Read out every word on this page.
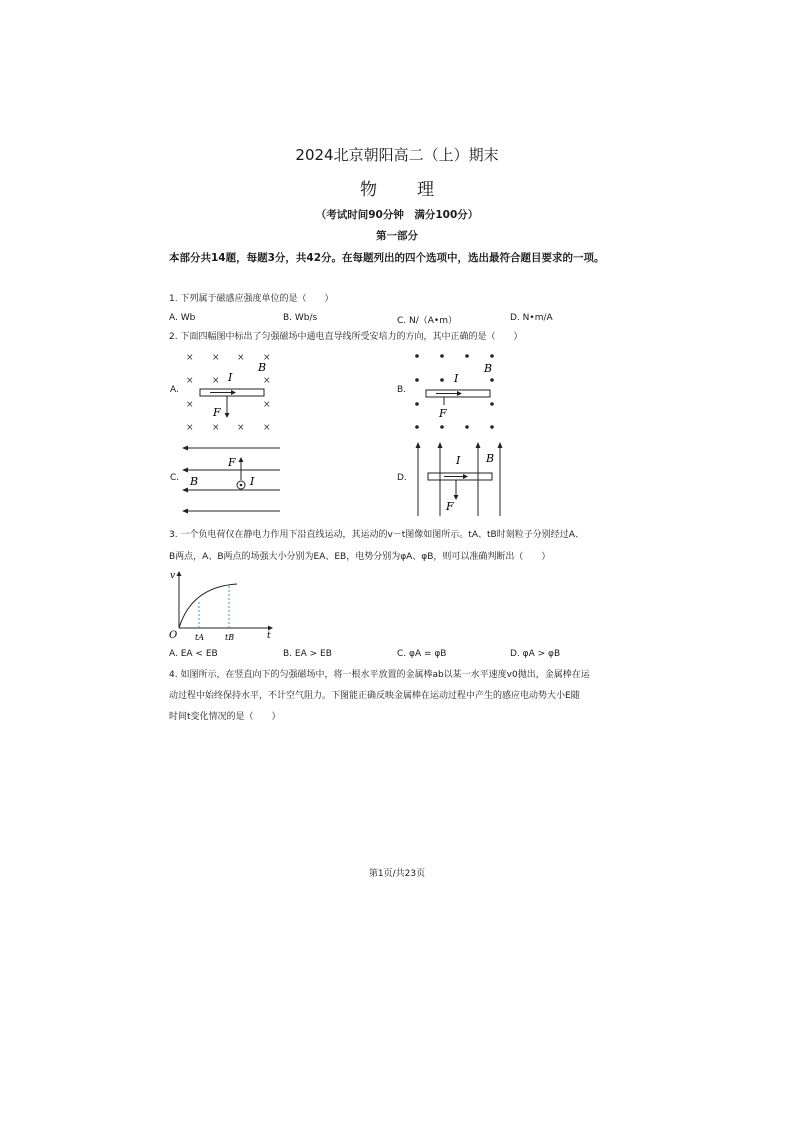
2024北京朝阳高二（上）期末
物 理
（考试时间90分钟　满分100分）
第一部分
本部分共14题，每题3分，共42分。在每题列出的四个选项中，选出最符合题目要求的一项。
1. 下列属于磁感应强度单位的是（　　）
A. Wb	B. Wb/s	C. N/（A•m）	D. N•m/A
2. 下面四幅图中标出了匀强磁场中通电直导线所受安培力的方向，其中正确的是（　　）
A.
× × × ×
× ×	×
×	×
× × × ×
B
I
F
B.
B
I
F
C.
F
I
B	D.
I B
F
3. 一个负电荷仅在静电力作用下沿直线运动，其运动的v－t图像如图所示。tA、tB时刻粒子分别经过A、
B两点，A、B两点的场强大小分别为EA、EB，电势分别为φA、φB，则可以准确判断出（　　）
v
O tA	tB	t
A. EA < EB	B. EA > EB	C. φA = φB	D. φA > φB
4. 如图所示，在竖直向下的匀强磁场中，将一根水平放置的金属棒ab以某一水平速度v0抛出，金属棒在运
动过程中始终保持水平，不计空气阻力。下图能正确反映金属棒在运动过程中产生的感应电动势大小E随
时间t变化情况的是（　　）
第1页/共23页
